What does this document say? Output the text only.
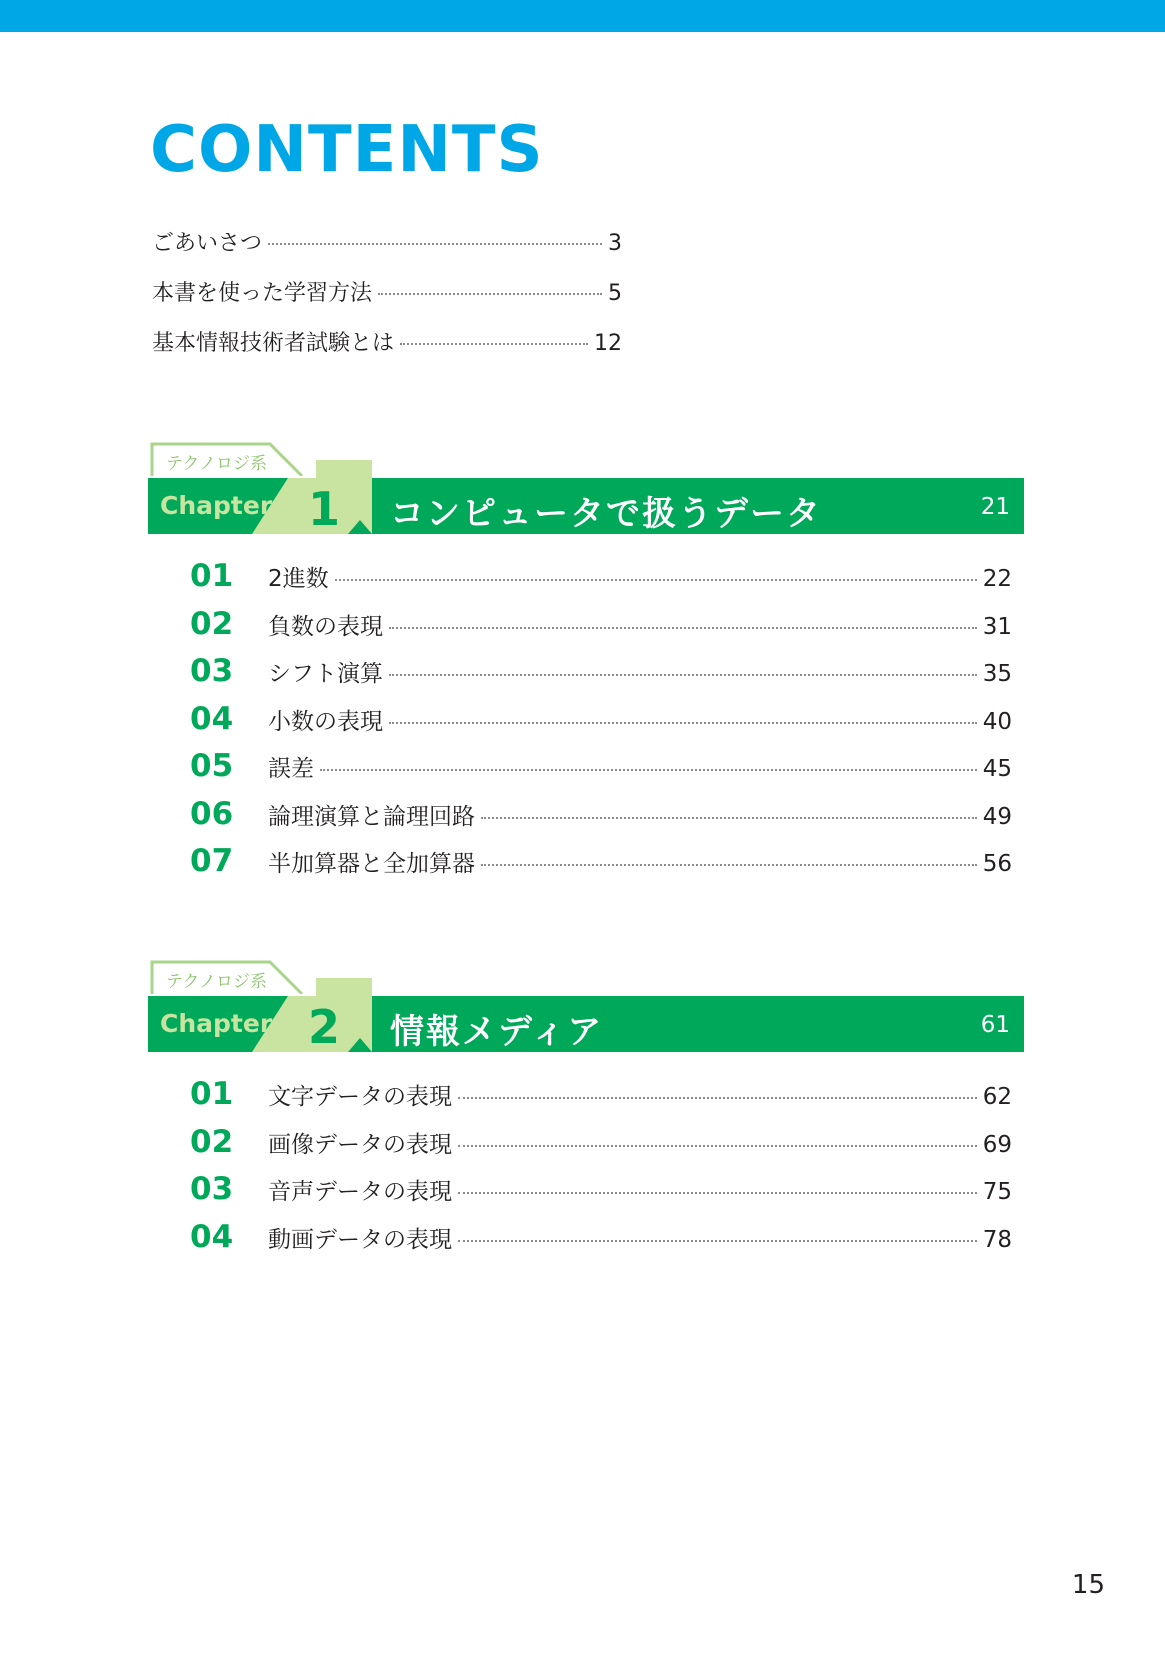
CONTENTS
ごあいさつ	3
本書を使った学習方法	5
基本情報技術者試験とは	12
テクノロジ系
Chapter 1 コンピュータで扱うデータ	21
01	2進数	22
02	負数の表現	31
03	シフト演算	35
04	小数の表現	40
05	誤差	45
06	論理演算と論理回路	49
07	半加算器と全加算器	56
テクノロジ系
Chapter 2 情報メディア	61
01	文字データの表現	62
02	画像データの表現	69
03	音声データの表現	75
04	動画データの表現	78
15
